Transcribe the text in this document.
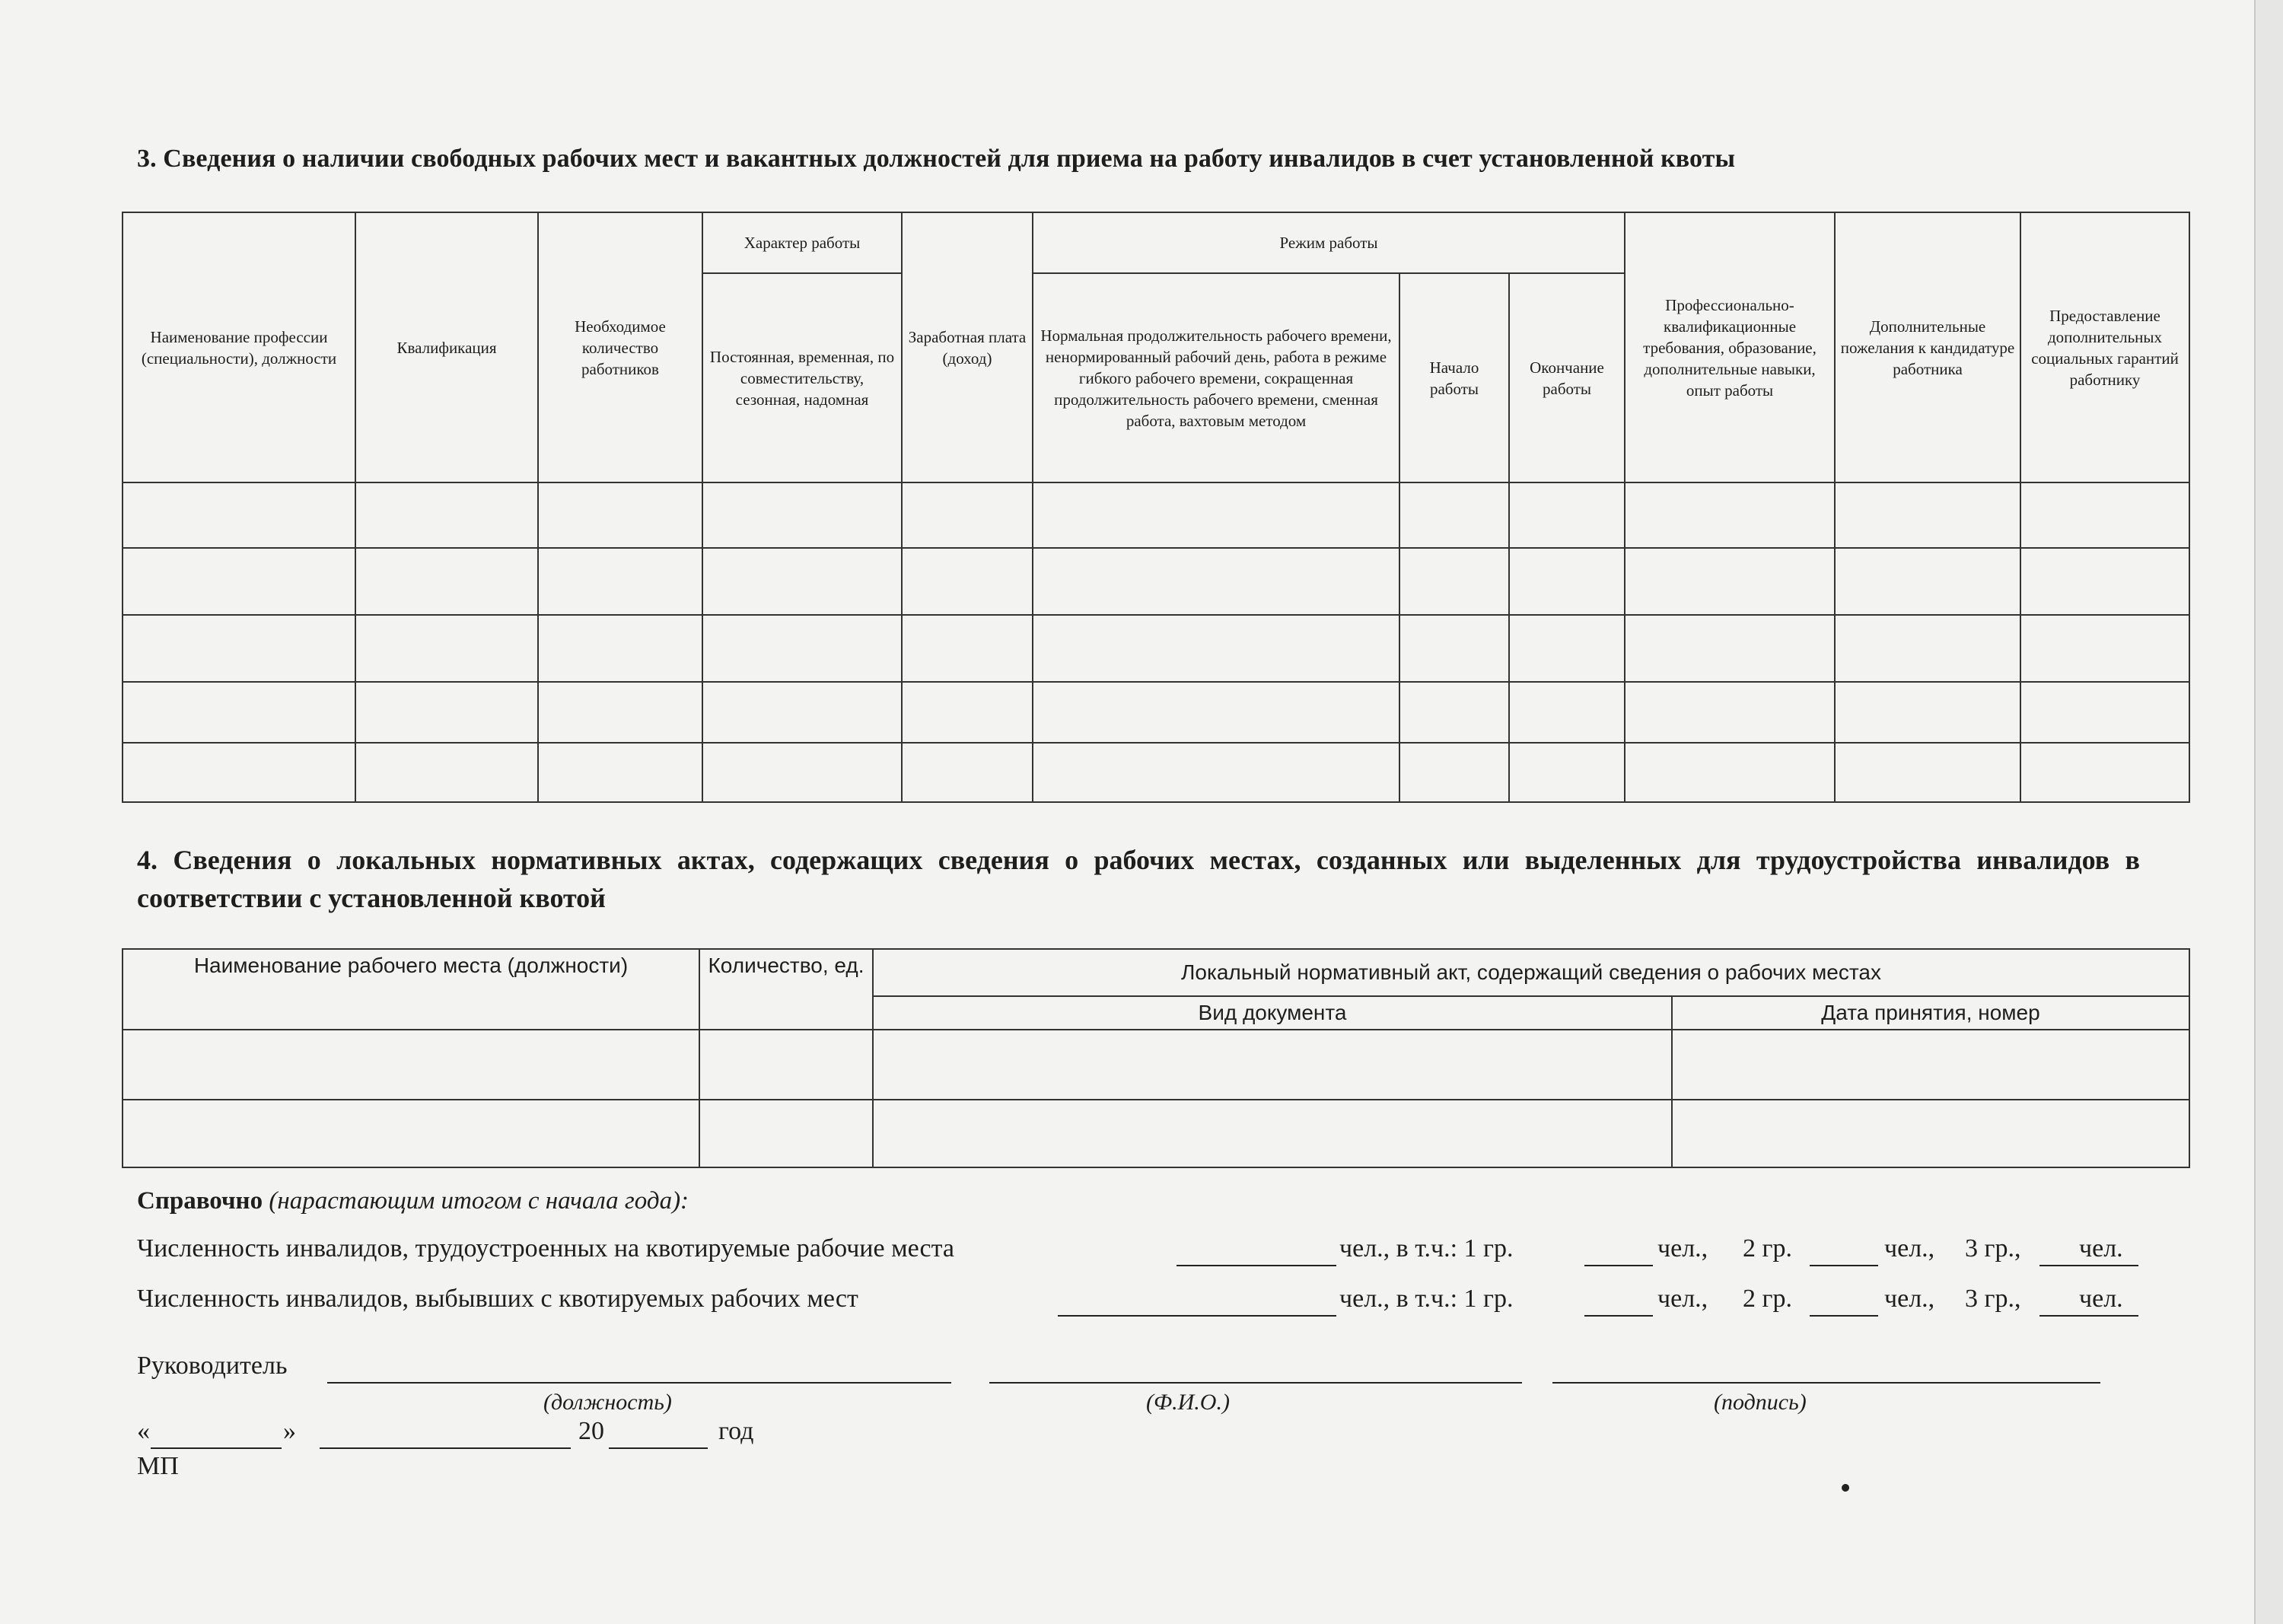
3. Сведения о наличии свободных рабочих мест и вакантных должностей для приема на работу инвалидов в счет установленной квоты
Наименование профессии (специальности), должности	Квалификация	Необходимое количество работников	Характер работы	Заработная плата (доход)	Режим работы			Профессионально-квалификационные требования, образование, дополнительные навыки, опыт работы	Дополнительные пожелания к кандидатуре работника	Предоставление дополнительных социальных гарантий работнику
			Постоянная, временная, по совместительству, сезонная, надомная		Нормальная продолжительность рабочего времени, ненормированный рабочий день, работа в режиме гибкого рабочего времени, сокращенная продолжительность рабочего времени, сменная работа, вахтовым методом	Начало работы	Окончание работы			

4. Сведения о локальных нормативных актах, содержащих сведения о рабочих местах, созданных или выделенных для трудоустройства инвалидов в соответствии с установленной квотой
Наименование рабочего места (должности)	Количество, ед.	Локальный нормативный акт, содержащий сведения о рабочих местах	
		Вид документа	Дата принятия, номер

Справочно (нарастающим итогом с начала года):
Численность инвалидов, трудоустроенных на квотируемые рабочие места	чел., в т.ч.: 1 гр.	чел., 2 гр.	чел., 3 гр., чел.
Численность инвалидов, выбывших с квотируемых рабочих мест	чел., в т.ч.: 1 гр.	чел., 2 гр.	чел., 3 гр., чел.
Руководитель
(должность)	(Ф.И.О.)	(подпись)
«	»	20	год
МП
